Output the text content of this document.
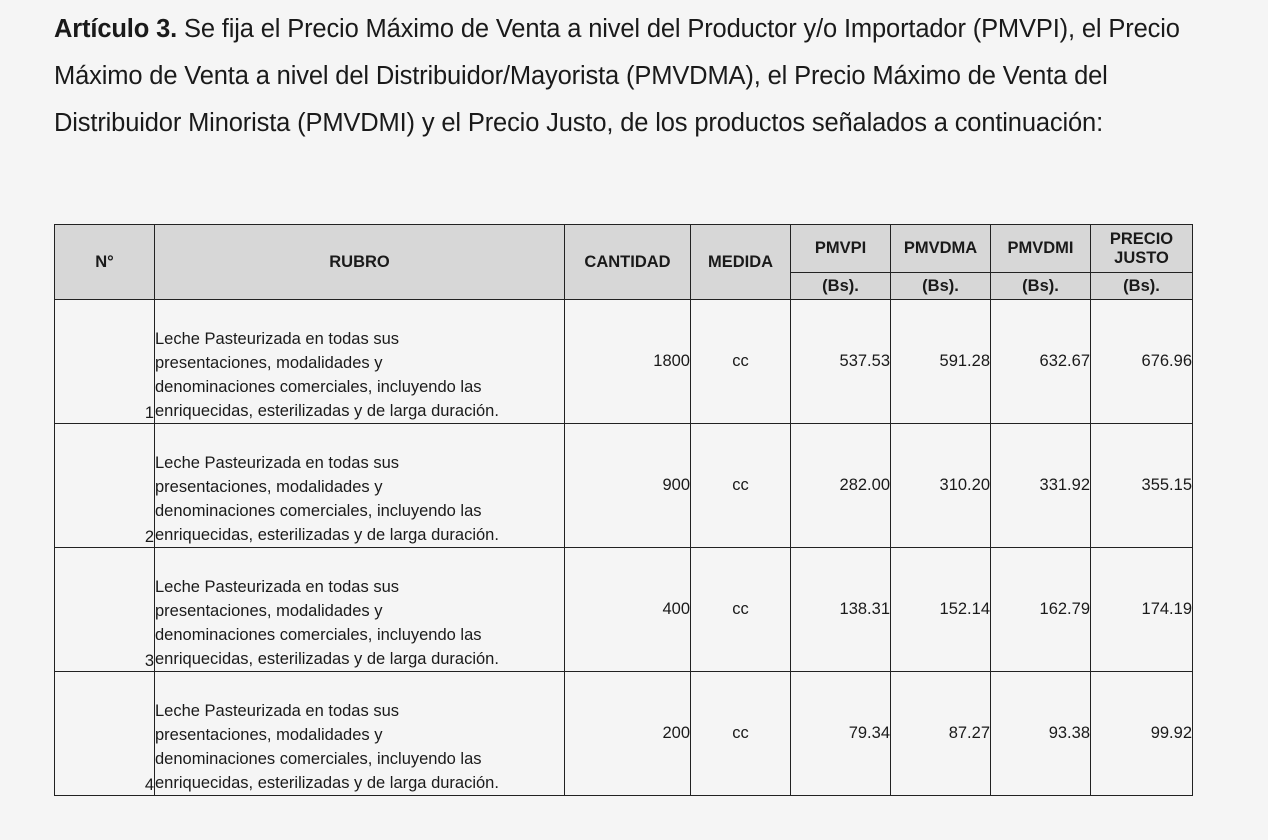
Artículo 3. Se fija el Precio Máximo de Venta a nivel del Productor y/o Importador (PMVPI), el Precio Máximo de Venta a nivel del Distribuidor/Mayorista (PMVDMA), el Precio Máximo de Venta del Distribuidor Minorista (PMVDMI) y el Precio Justo, de los productos señalados a continuación:
N°	RUBRO	CANTIDAD	MEDIDA	PMVPI	PMVDMA	PMVDMI	PRECIO JUSTO
				(Bs).	(Bs).	(Bs).	(Bs).
1	Leche Pasteurizada en todas sus
presentaciones, modalidades y
denominaciones comerciales, incluyendo las
enriquecidas, esterilizadas y de larga duración.	1800	cc	537.53	591.28	632.67	676.96
2	Leche Pasteurizada en todas sus
presentaciones, modalidades y
denominaciones comerciales, incluyendo las
enriquecidas, esterilizadas y de larga duración.	900	cc	282.00	310.20	331.92	355.15
3	Leche Pasteurizada en todas sus
presentaciones, modalidades y
denominaciones comerciales, incluyendo las
enriquecidas, esterilizadas y de larga duración.	400	cc	138.31	152.14	162.79	174.19
4	Leche Pasteurizada en todas sus
presentaciones, modalidades y
denominaciones comerciales, incluyendo las
enriquecidas, esterilizadas y de larga duración.	200	cc	79.34	87.27	93.38	99.92
